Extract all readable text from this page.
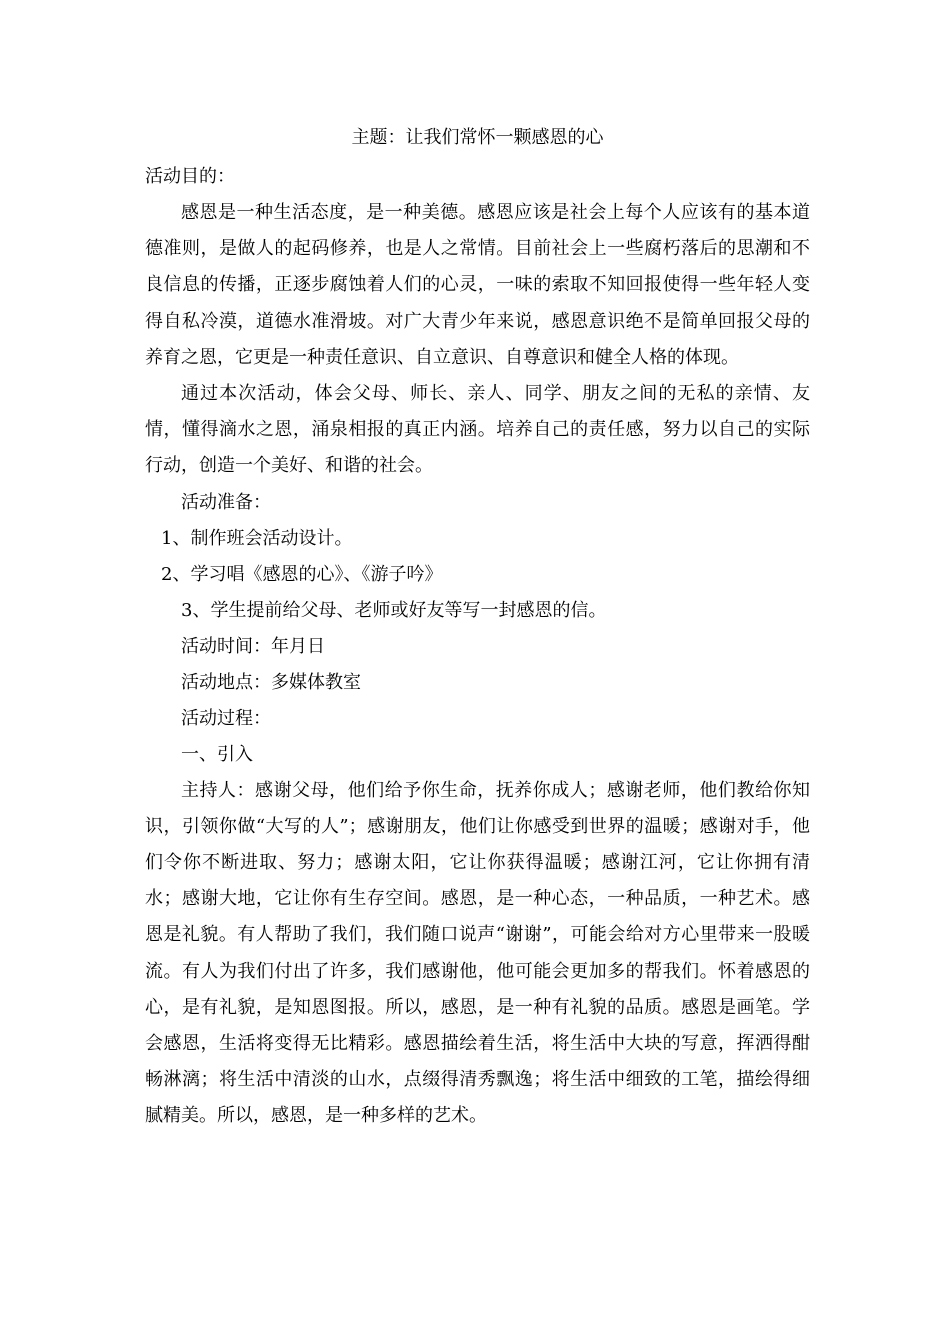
主题：让我们常怀一颗感恩的心
活动目的：

感恩是一种生活态度，是一种美德。感恩应该是社会上每个人应该有的基本道德准则，是做人的起码修养，也是人之常情。目前社会上一些腐朽落后的思潮和不良信息的传播，正逐步腐蚀着人们的心灵，一味的索取不知回报使得一些年轻人变得自私冷漠，道德水准滑坡。对广大青少年来说，感恩意识绝不是简单回报父母的养育之恩，它更是一种责任意识、自立意识、自尊意识和健全人格的体现。

通过本次活动，体会父母、师长、亲人、同学、朋友之间的无私的亲情、友情，懂得滴水之恩，涌泉相报的真正内涵。培养自己的责任感，努力以自己的实际行动，创造一个美好、和谐的社会。

活动准备：
1、制作班会活动设计。
2、学习唱《感恩的心》、《游子吟》
3、学生提前给父母、老师或好友等写一封感恩的信。
活动时间：年月日
活动地点：多媒体教室
活动过程：
一、引入

主持人：感谢父母，他们给予你生命，抚养你成人；感谢老师，他们教给你知识，引领你做“大写的人”；感谢朋友，他们让你感受到世界的温暖；感谢对手，他们令你不断进取、努力；感谢太阳，它让你获得温暖；感谢江河，它让你拥有清水；感谢大地，它让你有生存空间。感恩，是一种心态，一种品质，一种艺术。感恩是礼貌。有人帮助了我们，我们随口说声“谢谢”，可能会给对方心里带来一股暖流。有人为我们付出了许多，我们感谢他，他可能会更加多的帮我们。怀着感恩的心，是有礼貌，是知恩图报。所以，感恩，是一种有礼貌的品质。感恩是画笔。学会感恩，生活将变得无比精彩。感恩描绘着生活，将生活中大块的写意，挥洒得酣畅淋漓；将生活中清淡的山水，点缀得清秀飘逸；将生活中细致的工笔，描绘得细腻精美。所以，感恩，是一种多样的艺术。
